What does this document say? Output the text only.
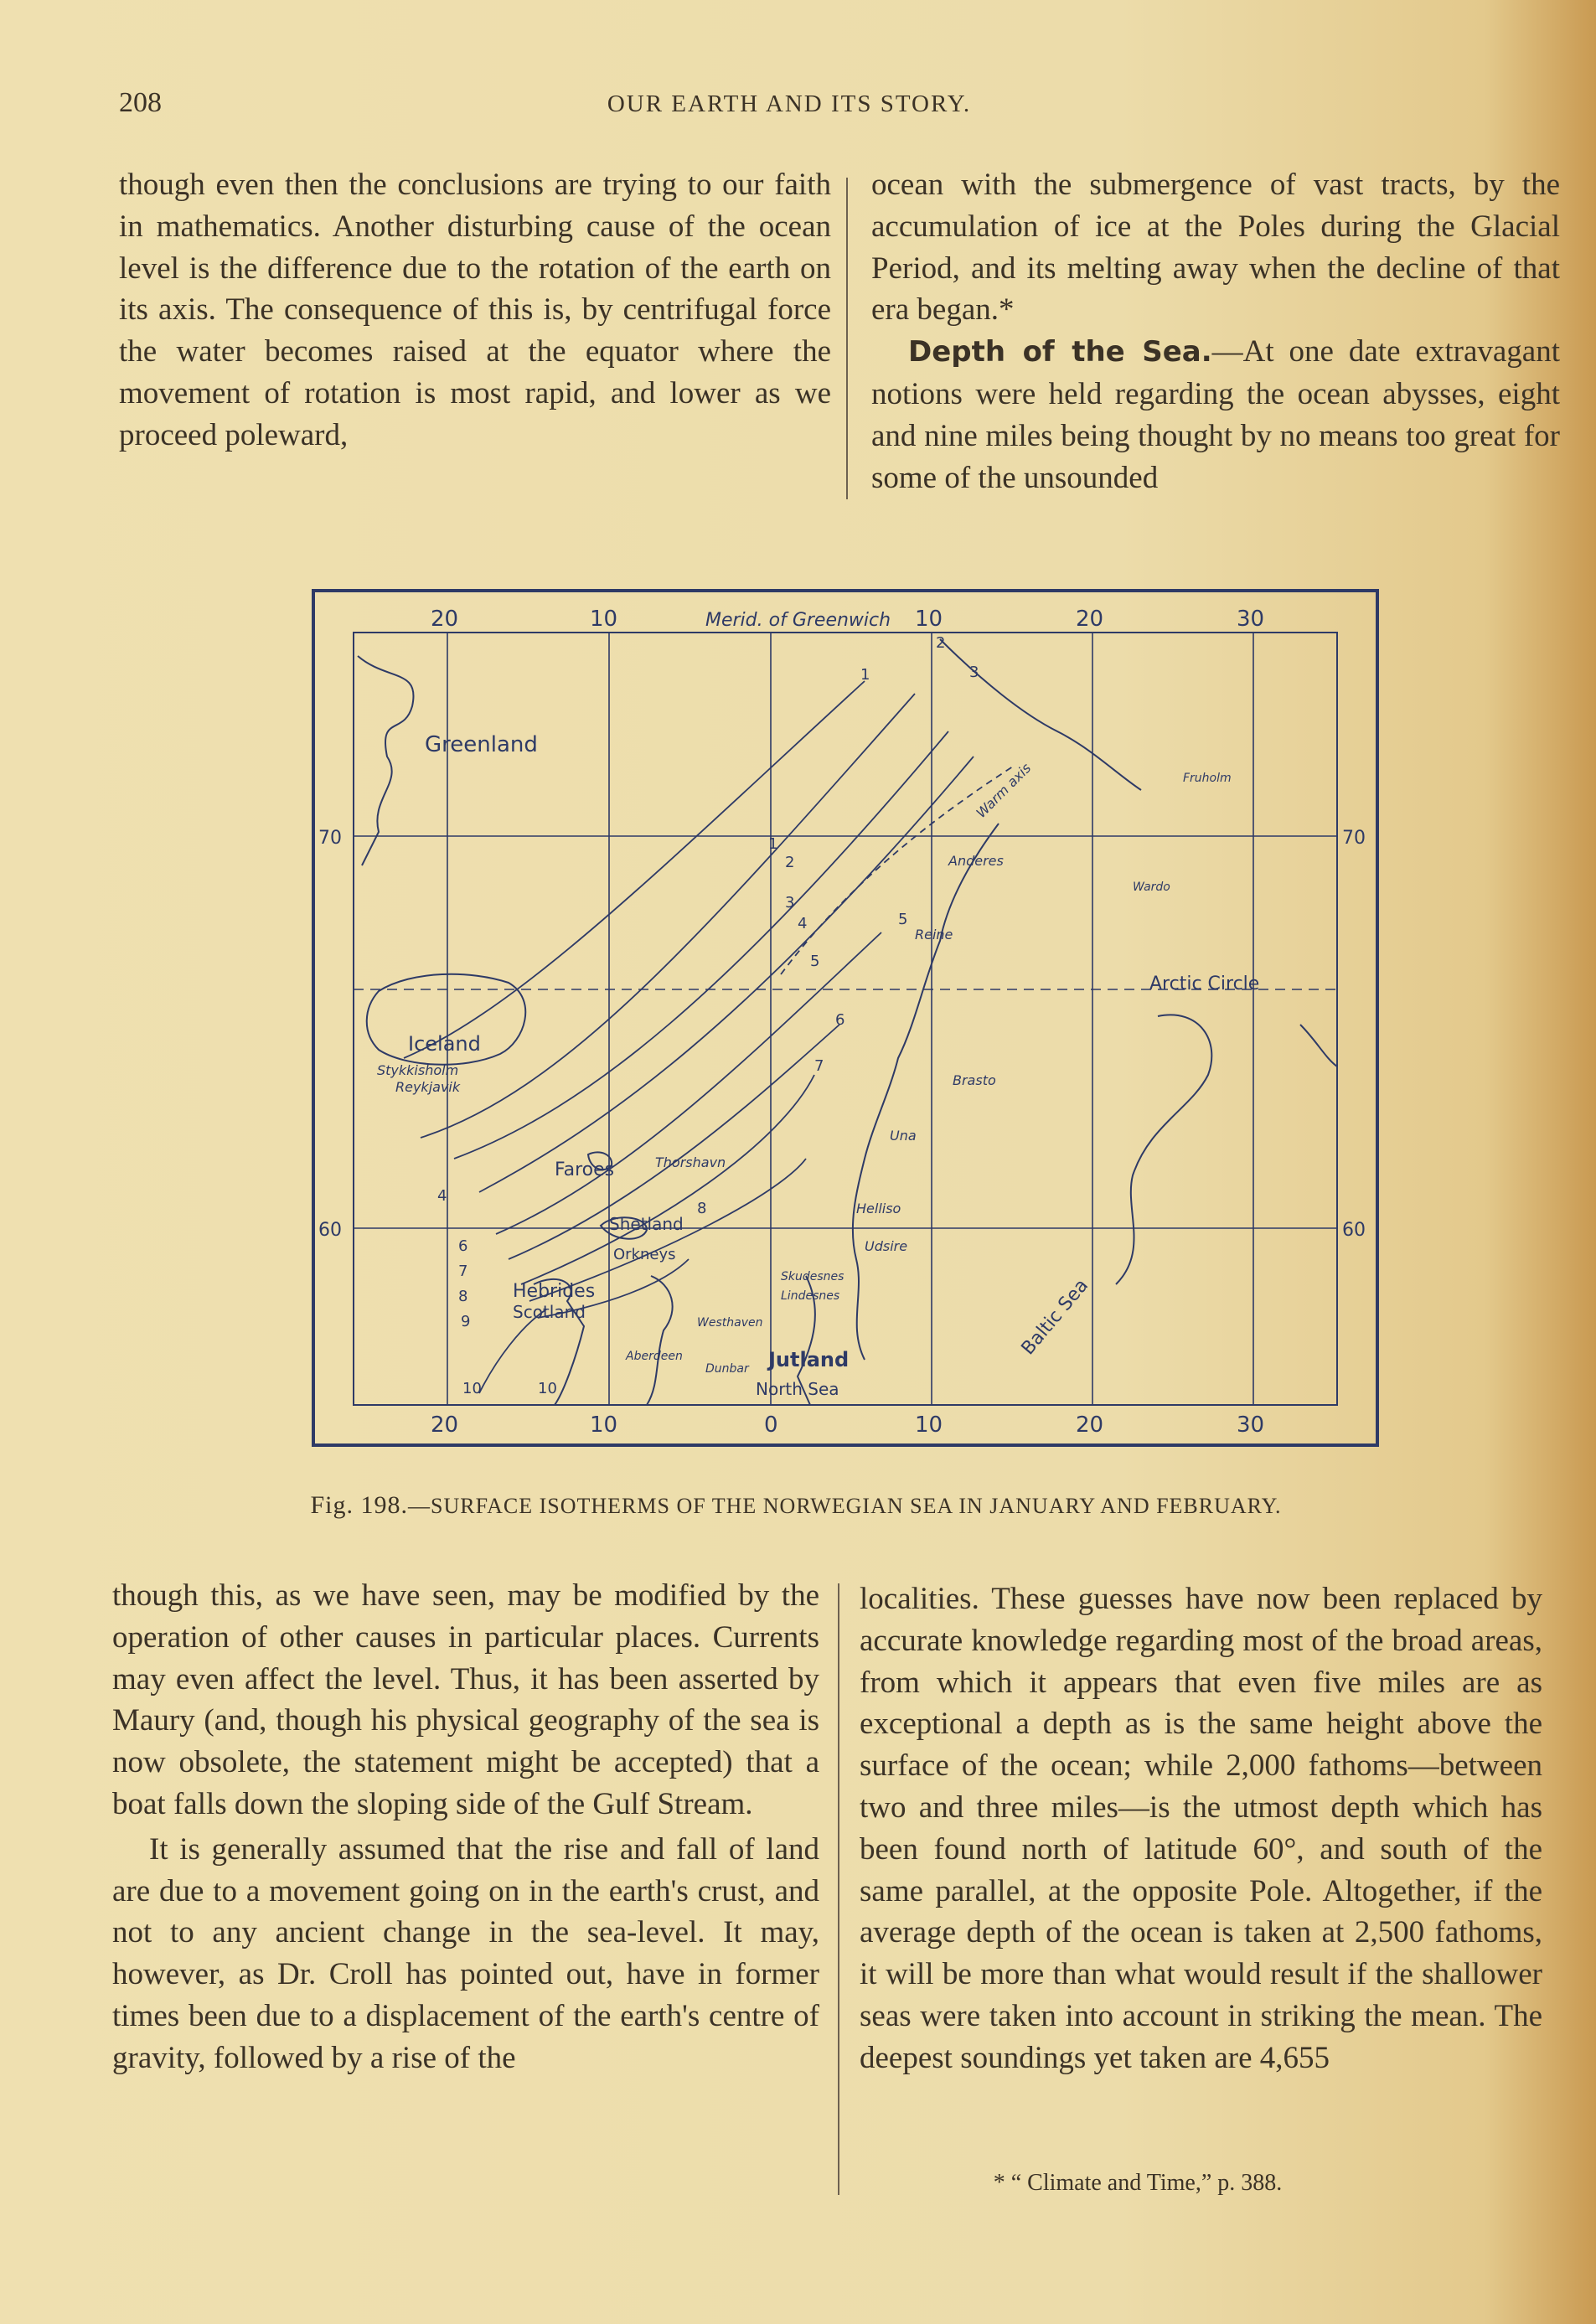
208	OUR EARTH AND ITS STORY.

though even then the conclusions are trying to our faith in mathematics. Another disturbing cause of the ocean level is the difference due to the rotation of the earth on its axis. The consequence of this is, by centrifugal force the water becomes raised at the equator where the movement of rotation is most rapid, and lower as we proceed poleward,

ocean with the submergence of vast tracts, by the accumulation of ice at the Poles during the Glacial Period, and its melting away when the decline of that era began.*

Depth of the Sea.—At one date extravagant notions were held regarding the ocean abysses, eight and nine miles being thought by no means too great for some of the unsounded

20	10	Merid. of Greenwich 10	20	30
20	10	0	10	20	30
70
60
70
60
Greenland
Iceland
Stykkisholm
Reykjavik
Faroes	Thorshavn
Shetland
Orkneys
Hebrides
Scotland
Jutland
North Sea
Anderes
Reine
Brasto
Una
Helliso
Udsire
Skudesnes
Lindesnes
Westhaven
Dunbar
Aberdeen	Baltic Sea
Arctic Circle
Warm axis	Fruholm
Wardo
1
1
2
2
3
3
4
4
5
5
6
6
7
7
8
8
9
10	10
Fig. 198.—SURFACE ISOTHERMS OF THE NORWEGIAN SEA IN JANUARY AND FEBRUARY.

though this, as we have seen, may be modified by the operation of other causes in particular places. Currents may even affect the level. Thus, it has been asserted by Maury (and, though his physical geography of the sea is now obsolete, the statement might be accepted) that a boat falls down the sloping side of the Gulf Stream.

It is generally assumed that the rise and fall of land are due to a movement going on in the earth's crust, and not to any ancient change in the sea-level. It may, however, as Dr. Croll has pointed out, have in former times been due to a displacement of the earth's centre of gravity, followed by a rise of the

localities. These guesses have now been replaced by accurate knowledge regarding most of the broad areas, from which it appears that even five miles are as exceptional a depth as is the same height above the surface of the ocean; while 2,000 fathoms—between two and three miles—is the utmost depth which has been found north of latitude 60°, and south of the same parallel, at the opposite Pole. Altogether, if the average depth of the ocean is taken at 2,500 fathoms, it will be more than what would result if the shallower seas were taken into account in striking the mean. The deepest soundings yet taken are 4,655

* “ Climate and Time,” p. 388.
